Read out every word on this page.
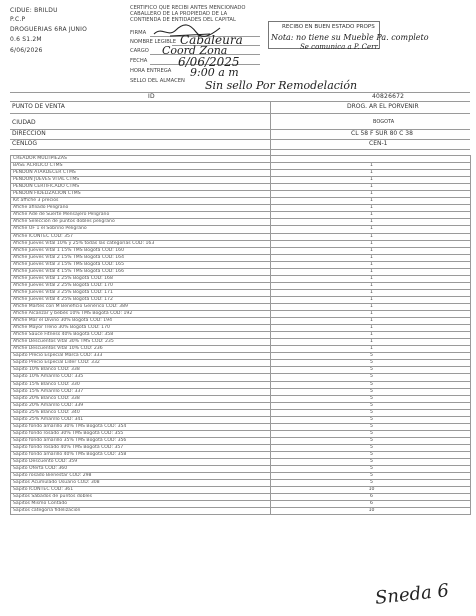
CIDUE: BRILDU
P.C.P
DROGUERIAS 6RA JUNIO
0.6 S1.2M
6/06/2026
CERTIFICO QUE RECIBI ANTES MENCIONADO
CABALLERO DE LA PROPIEDAD DE LA
CONTIENDA DE ENTIDADES DEL CAPITAL
FIRMA
NOMBRE LEGIBLE
CARGO
FECHA
HORA ENTREGA
SELLO DEL ALMACEN
Cabaleura
Coord Zona
6/06/2025
9:00 a m
Sin sello Por Remodelación
RECIBO EN BUEN ESTADO PROPS
Nota: no tiene su Mueble Pa. completo
Se comunica a P. Cerr.
ID	40826672
PUNTO DE VENTA	DROG. AR EL PORVENIR
CIUDAD	BOGOTA
DIRECCION	CL 58 F SUR 80 C 38
CENLOG	CEN-1
CREADOR MULTIPIEZAS	
BASE ACRILICO CTMS	1
PENDON ATARDECER CTMS	1
PENDON JUEVES VITAL CTMS	1
PENDON CERTIFICADO CTMS	1
PENDON FIDELIZACION CTMS	1
Kit affiche 3 precios	1
Afiche afiliado Peligrano	1
Afiche Ade de Suerte Mensajero Peligrano	1
Afiche Selección de puntos dobles peligrano	1
Afiche OF 1 el Sobrino Peligrano	1
Afiche ICONTEC COD: 357	1
Afiche Jueves Vital 10% y 25% todas las categorías COD: 163	1
Afiche Jueves Vital 1 15% TMS Bogotá COD: 160	1
Afiche Jueves Vital 2 15% TMS Bogotá COD: 164	1
Afiche Jueves Vital 3 15% TMS Bogotá COD: 165	1
Afiche Jueves Vital 4 15% TMS Bogotá COD: 166	1
Afiche Jueves Vital 1 25% Bogotá COD: 168	1
Afiche Jueves Vital 2 25% Bogotá COD: 170	1
Afiche Jueves Vital 3 25% Bogotá COD: 171	1
Afiche Jueves Vital 4 25% Bogotá COD: 172	1
Afiche Martes con M Beneficio Genérico COD: 389	1
Afiche Alcanzar y bebés 10% TMS Bogotá COD: 192	1
Afiche Mar el Divino 30% Bogotá COD: 194	1
Afiche Mayor Treno 30% Bogotá COD: 170	1
Afiche Sauce Fitness 40% Bogotá COD: 358	1
Afiche Descuentos Vital 30% TMS COD: 235	1
Afiche Descuentos Vital 10% COD: 236	1
Sapito Precio Especial Marca COD: 333	5
Sapito Precio Especial Líder COD: 332	5
Sapito 10% Blanco COD: 338	5
Sapito 10% Amarillo COD: 335	5
Sapito 15% Blanco COD: 330	5
Sapito 15% Amarillo COD: 337	5
Sapito 20% Blanco COD: 338	5
Sapito 20% Amarillo COD: 339	5
Sapito 25% Blanco COD: 340	5
Sapito 25% Amarillo COD: 341	5
Sapito fondo amarillo 30% TMS Bogotá COD: 354	5
Sapito fondo rosado 30% TMS Bogotá COD: 355	5
Sapito fondo amarillo 35% TMS Bogotá COD: 356	5
Sapito fondo rosado 40% TMS Bogotá COD: 357	5
Sapito fondo amarillo 40% TMS Bogotá COD: 358	5
Sapito Descuento COD: 359	5
Sapito Oferta COD: 360	5
Sapito rosado Bienestar COD: 298	5
Sapitos Acumulado Usuario COD: 308	5
Sapito ICONTEC COD: 361	10
Sapitos Sábados de puntos dobles	6
Sapitos Mismo Contado	6
Sapitos categoría fidelización	10
Sneda 6
